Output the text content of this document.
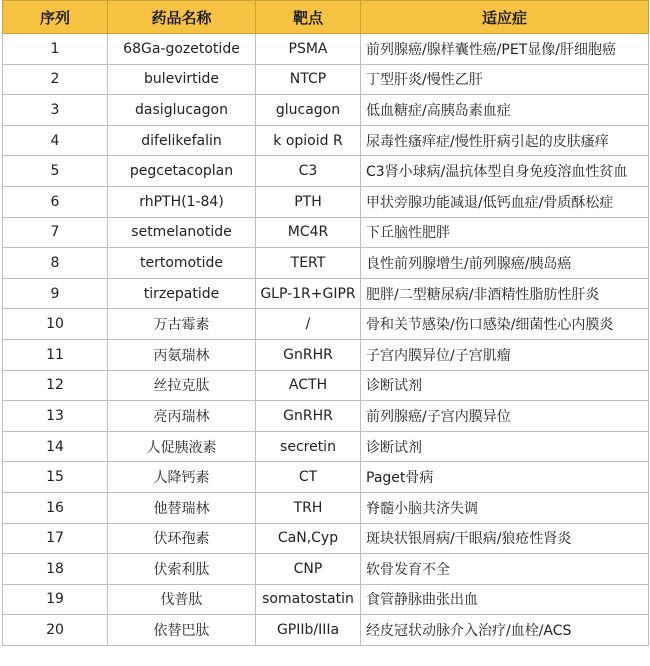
序列	药品名称	靶点	适应症
1	68Ga-gozetotide	PSMA	前列腺癌/腺样囊性癌/PET显像/肝细胞癌
2	bulevirtide	NTCP	丁型肝炎/慢性乙肝
3	dasiglucagon	glucagon	低血糖症/高胰岛素血症
4	difelikefalin	k opioid R	尿毒性瘙痒症/慢性肝病引起的皮肤瘙痒
5	pegcetacoplan	C3	C3肾小球病/温抗体型自身免疫溶血性贫血
6	rhPTH(1-84)	PTH	甲状旁腺功能减退/低钙血症/骨质酥松症
7	setmelanotide	MC4R	下丘脑性肥胖
8	tertomotide	TERT	良性前列腺增生/前列腺癌/胰岛癌
9	tirzepatide	GLP-1R+GIPR	肥胖/二型糖尿病/非酒精性脂肪性肝炎
10	万古霉素	/	骨和关节感染/伤口感染/细菌性心内膜炎
11	丙氨瑞林	GnRHR	子宫内膜异位/子宫肌瘤
12	丝拉克肽	ACTH	诊断试剂
13	亮丙瑞林	GnRHR	前列腺癌/子宫内膜异位
14	人促胰液素	secretin	诊断试剂
15	人降钙素	CT	Paget骨病
16	他替瑞林	TRH	脊髓小脑共济失调
17	伏环孢素	CaN,Cyp	斑块状银屑病/干眼病/狼疮性肾炎
18	伏索利肽	CNP	软骨发育不全
19	伐普肽	somatostatin	食管静脉曲张出血
20	依替巴肽	GPIIb/IIIa	经皮冠状动脉介入治疗/血栓/ACS
